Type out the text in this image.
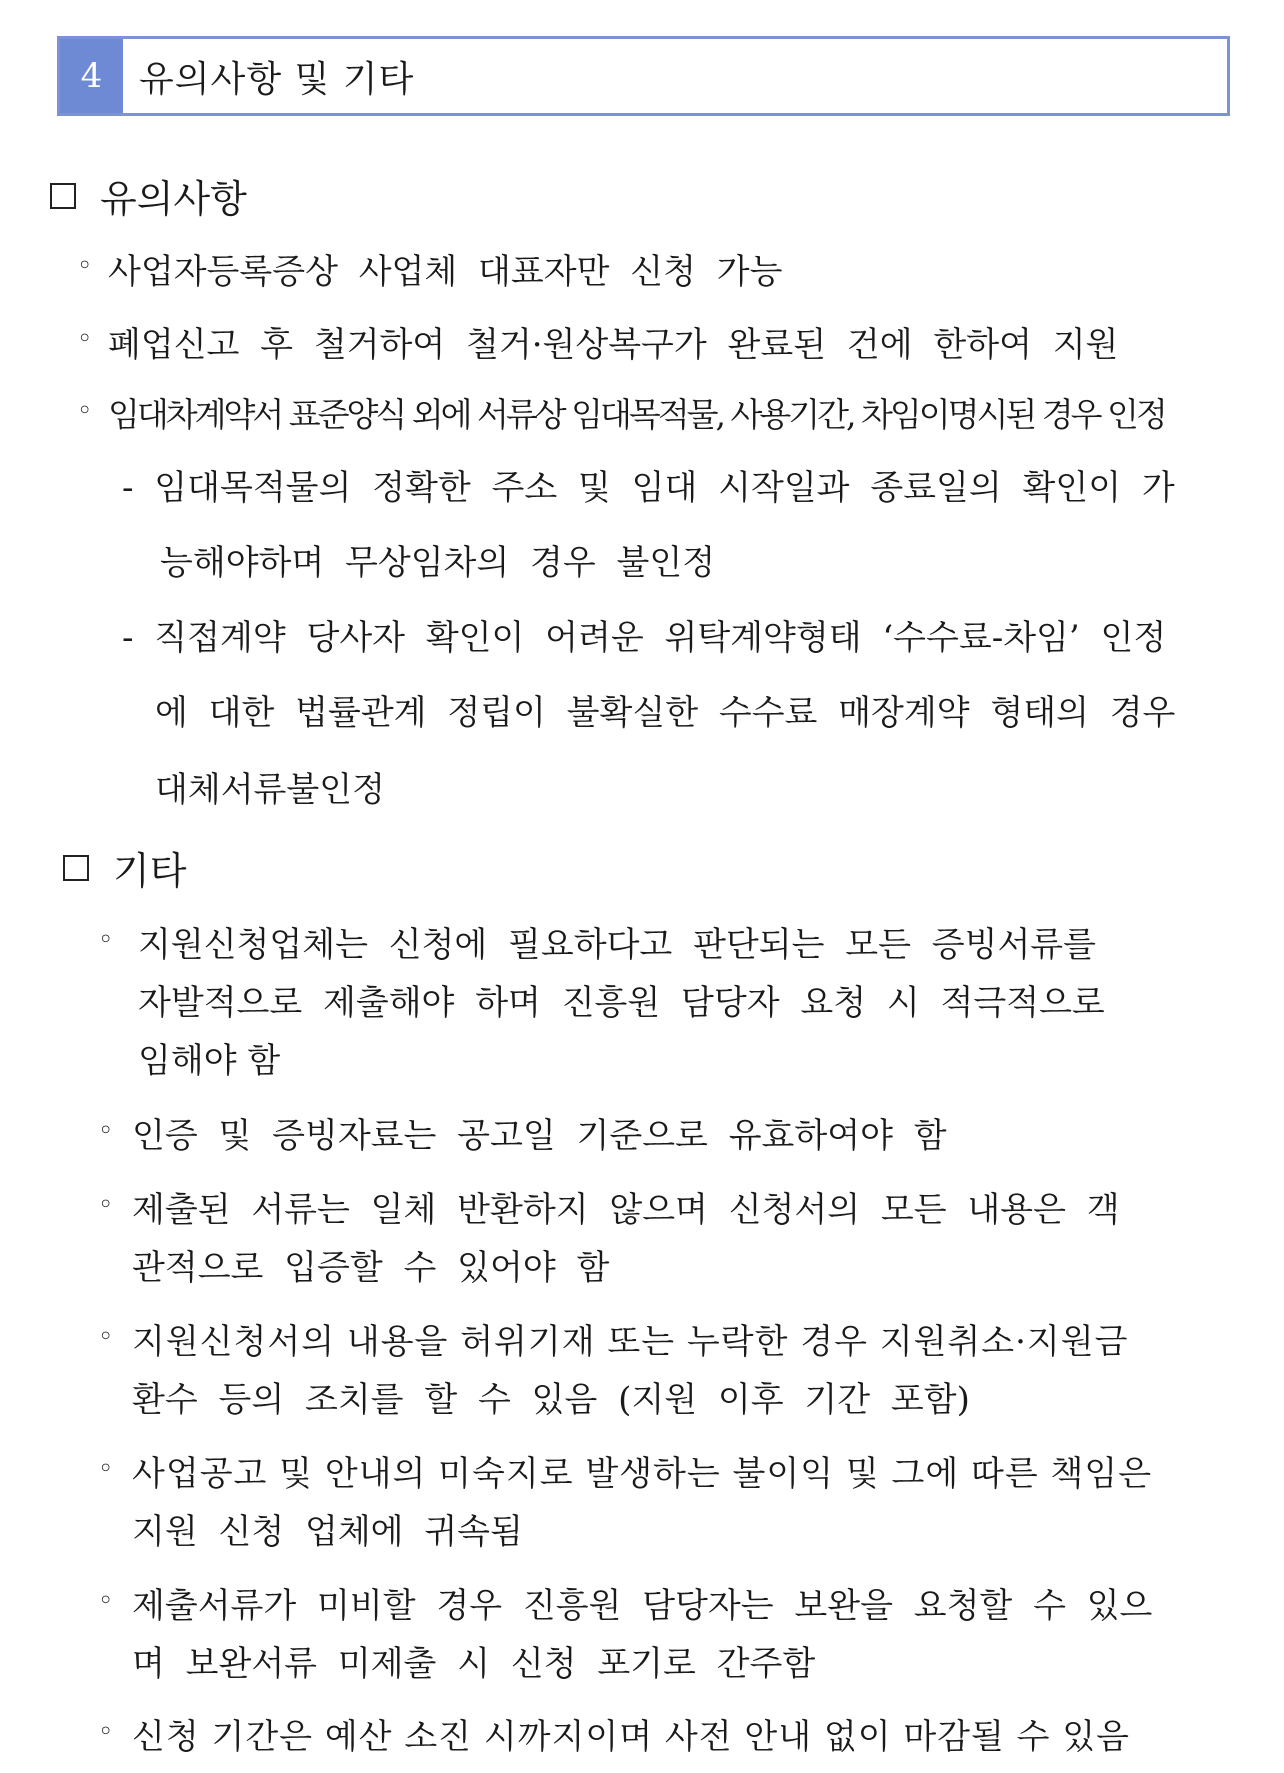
4	유의사항 및 기타
유의사항
◦ 사업자등록증상 사업체 대표자만 신청 가능
◦ 폐업신고 후 철거하여 철거·원상복구가 완료된 건에 한하여 지원
◦ 임대차계약서 표준양식 외에 서류상 임대목적물, 사용기간, 차임이명시된 경우 인정
- 임대목적물의 정확한 주소 및 임대 시작일과 종료일의 확인이 가
능해야하며 무상임차의 경우 불인정
- 직접계약 당사자 확인이 어려운 위탁계약형태 ‘수수료-차임’ 인정
에 대한 법률관계 정립이 불확실한 수수료 매장계약 형태의 경우
대체서류불인정
기타
◦ 지원신청업체는 신청에 필요하다고 판단되는 모든 증빙서류를
자발적으로 제출해야 하며 진흥원 담당자 요청 시 적극적으로
임해야 함
◦ 인증 및 증빙자료는 공고일 기준으로 유효하여야 함
◦ 제출된 서류는 일체 반환하지 않으며 신청서의 모든 내용은 객
관적으로 입증할 수 있어야 함
◦ 지원신청서의 내용을 허위기재 또는 누락한 경우 지원취소·지원금
환수 등의 조치를 할 수 있음 (지원 이후 기간 포함)
◦ 사업공고 및 안내의 미숙지로 발생하는 불이익 및 그에 따른 책임은
지원 신청 업체에 귀속됨
◦ 제출서류가 미비할 경우 진흥원 담당자는 보완을 요청할 수 있으
며 보완서류 미제출 시 신청 포기로 간주함
◦ 신청 기간은 예산 소진 시까지이며 사전 안내 없이 마감될 수 있음
